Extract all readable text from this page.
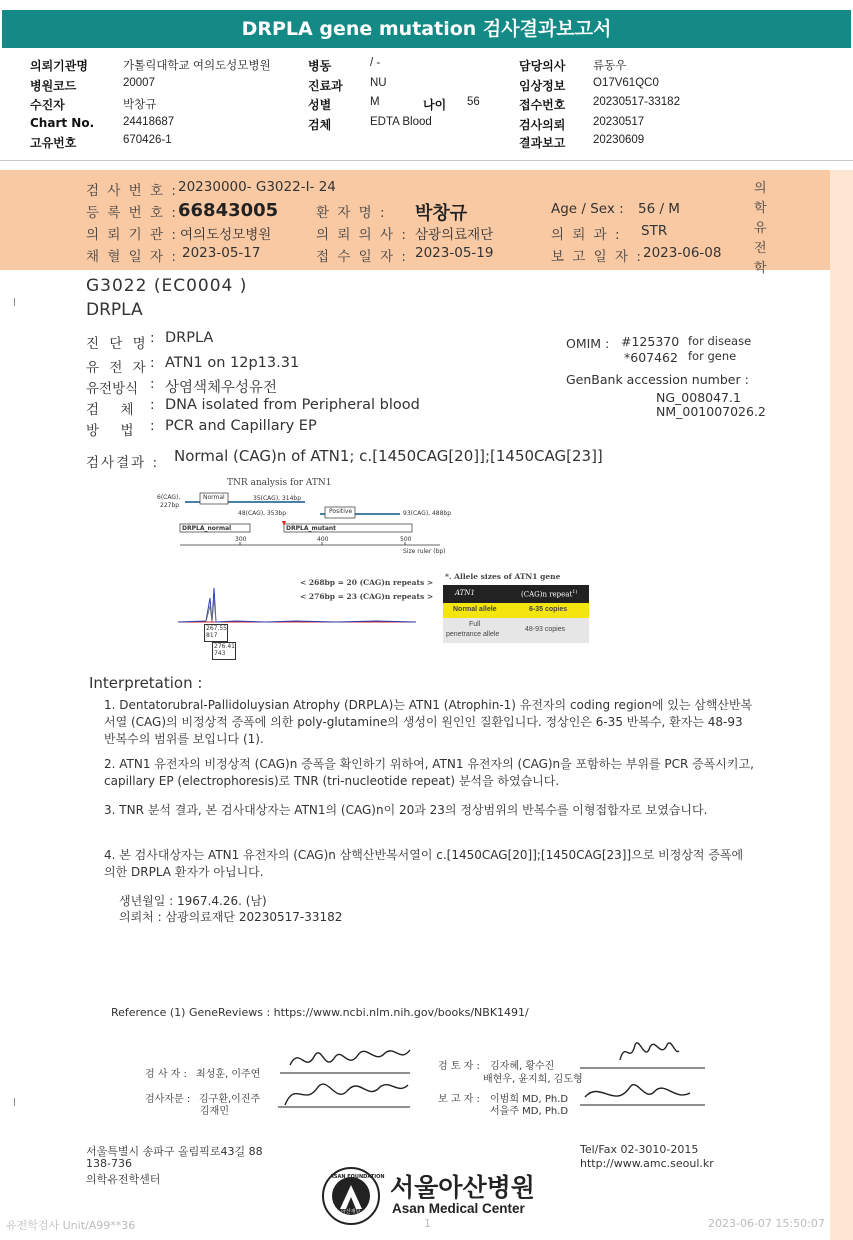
DRPLA gene mutation 검사결과보고서
의뢰기관명	가톨릭대학교 여의도성모병원
병원코드	20007
수진자	박창규
Chart No.	24418687
고유번호	670426-1
병동	/ -
진료과 NU
성별	M	나이 56
검체	EDTA Blood
담당의사 류동우
임상정보 O17V61QC0
접수번호 20230517-33182
검사의뢰 20230517
결과보고 20230609
검 사 번 호 : 20230000- G3022-I- 24
등 록 번 호 : 66843005	환 자 명 : 박창규	Age / Sex : 56 / M
의 뢰 기 관 : 여의도성모병원	의 뢰 의 사 : 삼광의료재단	의 뢰 과 : STR
채 혈 일 자 : 2023-05-17	접 수 일 자 : 2023-05-19	보 고 일 자 : 2023-06-08
의
학
유
전
학
G3022 (EC0004 )
DRPLA
진 단 명 : DRPLA
유 전 자 : ATN1 on 12p13.31
유전방식 : 상염색체우성유전
검     체 : DNA isolated from Peripheral blood
방     법 : PCR and Capillary EP
OMIM : #125370 for disease
*607462 for gene
GenBank accession number :
NG_008047.1
NM_001007026.2
검사결과 : Normal (CAG)n of ATN1; c.[1450CAG[20]];[1450CAG[23]]
TNR analysis for ATN1
Normal
Positive
6(CAG),
227bp
35(CAG), 314bp
48(CAG), 353bp	93(CAG), 488bp
DRPLA_normal	DRPLA_mutant
300	400	500
Size ruler (bp)
< 268bp = 20 (CAG)n repeats >
< 276bp = 23 (CAG)n repeats >
267.55
817
276.41
743
*. Allele sizes of ATN1 gene
ATN1	(CAG)n repeat$^{1)}$
Normal allele	6-35 copies
Full
penetrance allele
48-93 copies
Interpretation :
1. Dentatorubral-Pallidoluysian Atrophy (DRPLA)는 ATN1 (Atrophin-1) 유전자의 coding region에 있는 삼핵산반복서열 (CAG)의 비정상적 증폭에 의한 poly-glutamine의 생성이 원인인 질환입니다. 정상인은 6-35 반복수, 환자는 48-93 반복수의 범위를 보입니다 (1).
2. ATN1 유전자의 비정상적 (CAG)n 증폭을 확인하기 위하여, ATN1 유전자의 (CAG)n을 포함하는 부위를 PCR 증폭시키고, capillary EP (electrophoresis)로 TNR (tri-nucleotide repeat) 분석을 하였습니다.
3. TNR 분석 결과, 본 검사대상자는 ATN1의 (CAG)n이 20과 23의 정상범위의 반복수를 이형접합자로 보였습니다.
4. 본 검사대상자는 ATN1 유전자의 (CAG)n 삼핵산반복서열이 c.[1450CAG[20]];[1450CAG[23]]으로 비정상적 증폭에 의한 DRPLA 환자가 아닙니다.
생년월일 : 1967.4.26. (남)
의뢰처 : 삼광의료재단 20230517-33182
Reference (1) GeneReviews : https://www.ncbi.nlm.nih.gov/books/NBK1491/
검 사 자 : 최성훈, 이주연
검사자문 : 김구환,이진주
김재민
검 토 자 : 김자혜, 황수진
배현우, 윤지희, 김도형
보 고 자 : 이범희 MD, Ph.D
서을주 MD, Ph.D
서울특별시 송파구 올림픽로43길 88
138-736
의학유전학센터
Tel/Fax 02-3010-2015
http://www.amc.seoul.kr
ASAN FOUNDATION
아산재단
서울아산병원
Asan Medical Center
유전학검사 Unit/A99**36	1	2023-06-07 15:50:07
